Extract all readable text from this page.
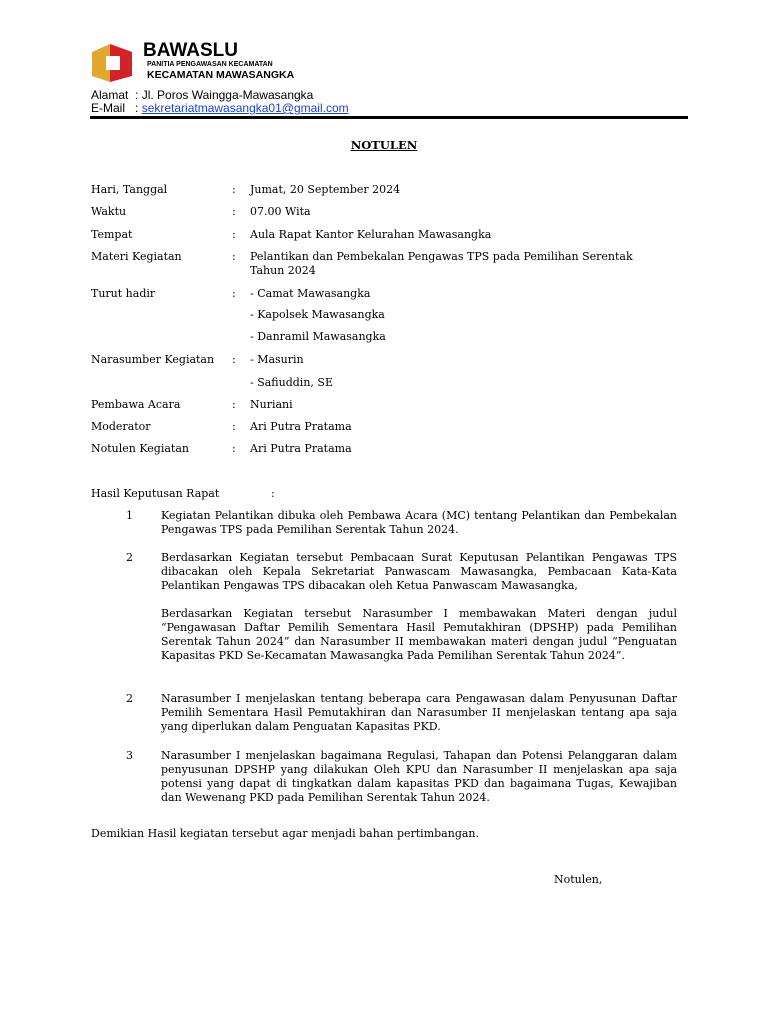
BAWASLU
PANITIA PENGAWASAN KECAMATAN
KECAMATAN MAWASANGKA
Alamat  : Jl. Poros Waingga-Mawasangka
E-Mail   : sekretariatmawasangka01@gmail.com
NOTULEN
Hari, Tanggal	: Jumat, 20 September 2024
Waktu	: 07.00 Wita
Tempat	: Aula Rapat Kantor Kelurahan Mawasangka
Materi Kegiatan	: Pelantikan dan Pembekalan Pengawas TPS pada Pemilihan Serentak Tahun 2024
Turut hadir	: - Camat Mawasangka
- Kapolsek Mawasangka
- Danramil Mawasangka
Narasumber Kegiatan : - Masurin
- Safiuddin, SE
Pembawa Acara	: Nuriani
Moderator	: Ari Putra Pratama
Notulen Kegiatan	: Ari Putra Pratama
Hasil Keputusan Rapat	:
1	Kegiatan Pelantikan dibuka oleh Pembawa Acara (MC) tentang Pelantikan dan Pembekalan Pengawas TPS pada Pemilihan Serentak Tahun 2024.
2	Berdasarkan Kegiatan tersebut Pembacaan Surat Keputusan Pelantikan Pengawas TPS dibacakan oleh Kepala Sekretariat Panwascam Mawasangka, Pembacaan Kata-Kata Pelantikan Pengawas TPS dibacakan oleh Ketua Panwascam Mawasangka,
Berdasarkan Kegiatan tersebut Narasumber I membawakan Materi dengan judul “Pengawasan Daftar Pemilih Sementara Hasil Pemutakhiran (DPSHP) pada Pemilihan Serentak Tahun 2024” dan Narasumber II membawakan materi dengan judul “Penguatan Kapasitas PKD Se-Kecamatan Mawasangka Pada Pemilihan Serentak Tahun 2024”.
2	Narasumber I menjelaskan tentang beberapa cara Pengawasan dalam Penyusunan Daftar Pemilih Sementara Hasil Pemutakhiran dan Narasumber II menjelaskan tentang apa saja yang diperlukan dalam Penguatan Kapasitas PKD.
3	Narasumber I menjelaskan bagaimana Regulasi, Tahapan dan Potensi Pelanggaran dalam penyusunan DPSHP yang dilakukan Oleh KPU dan Narasumber II menjelaskan apa saja potensi yang dapat di tingkatkan dalam kapasitas PKD dan bagaimana Tugas, Kewajiban dan Wewenang PKD pada Pemilihan Serentak Tahun 2024.
Demikian Hasil kegiatan tersebut agar menjadi bahan pertimbangan.
Notulen,
